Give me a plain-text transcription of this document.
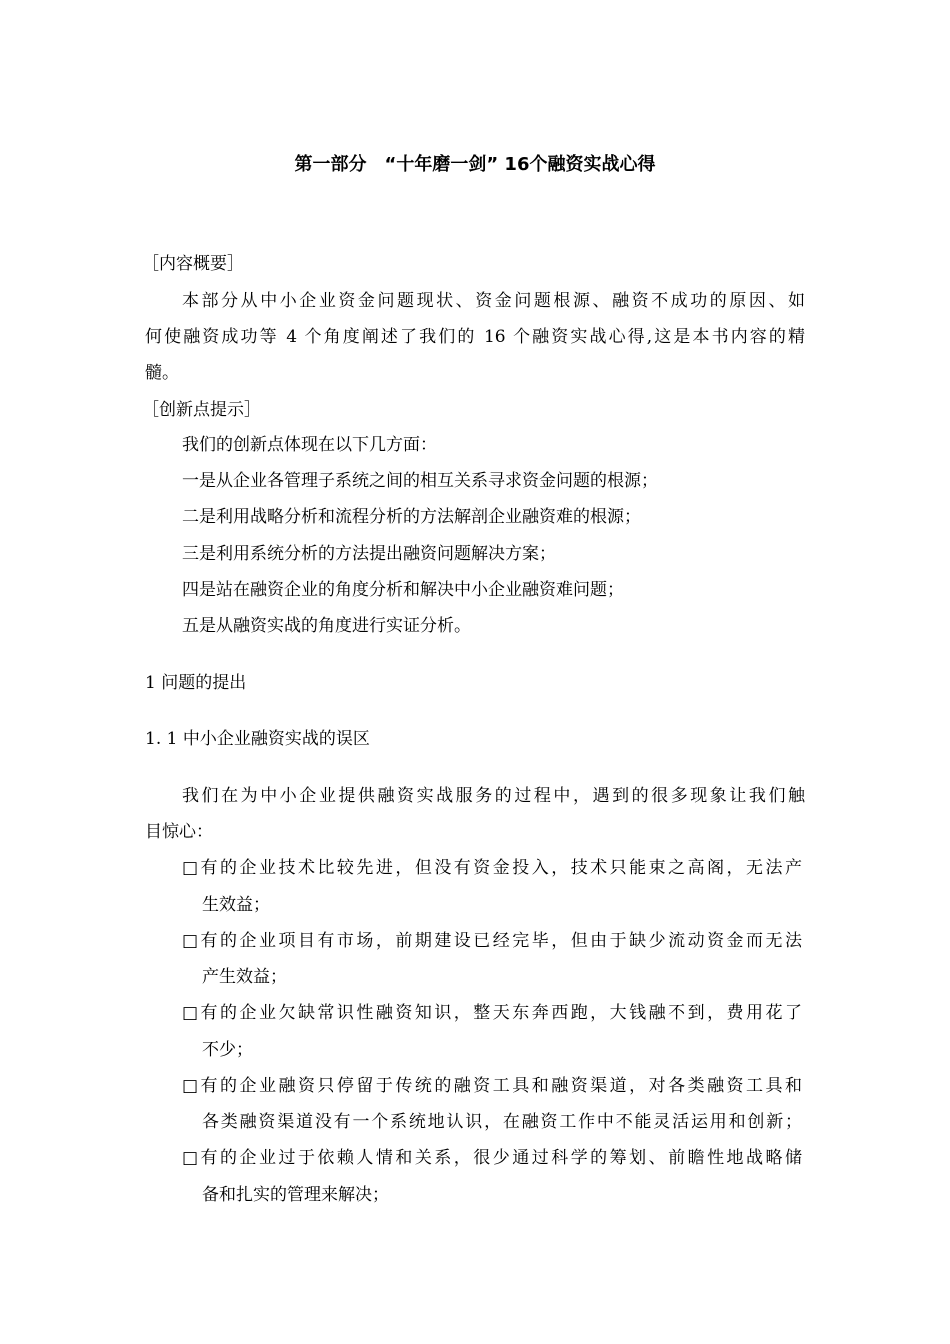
第一部分　“十年磨一剑” 16个融资实战心得
［内容概要］
本部分从中小企业资金问题现状、资金问题根源、融资不成功的原因、如
何使融资成功等 4 个角度阐述了我们的 16 个融资实战心得,这是本书内容的精
髓。
［创新点提示］
我们的创新点体现在以下几方面：
一是从企业各管理子系统之间的相互关系寻求资金问题的根源；
二是利用战略分析和流程分析的方法解剖企业融资难的根源；
三是利用系统分析的方法提出融资问题解决方案；
四是站在融资企业的角度分析和解决中小企业融资难问题；
五是从融资实战的角度进行实证分析。
1 问题的提出
1. 1 中小企业融资实战的误区
我们在为中小企业提供融资实战服务的过程中，遇到的很多现象让我们触
目惊心：
□有的企业技术比较先进，但没有资金投入，技术只能束之高阁，无法产
生效益；
□有的企业项目有市场，前期建设已经完毕，但由于缺少流动资金而无法
产生效益；
□有的企业欠缺常识性融资知识，整天东奔西跑，大钱融不到，费用花了
不少；
□有的企业融资只停留于传统的融资工具和融资渠道，对各类融资工具和
各类融资渠道没有一个系统地认识，在融资工作中不能灵活运用和创新；
□有的企业过于依赖人情和关系，很少通过科学的筹划、前瞻性地战略储
备和扎实的管理来解决；
